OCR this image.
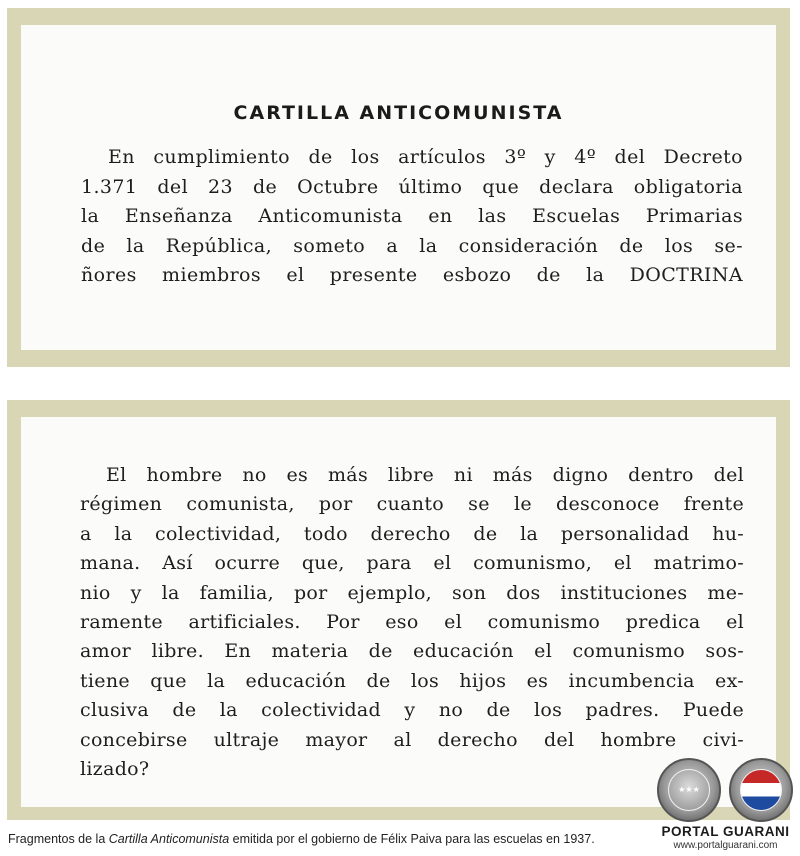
CARTILLA ANTICOMUNISTA
En cumplimiento de los artículos 3º y 4º del Decreto
1.371 del 23 de Octubre último que declara obligatoria
la Enseñanza Anticomunista en las Escuelas Primarias
de la República, someto a la consideración de los se-
ñores miembros el presente esbozo de la DOCTRINA
El hombre no es más libre ni más digno dentro del
régimen comunista, por cuanto se le desconoce frente
a la colectividad, todo derecho de la personalidad hu-
mana. Así ocurre que, para el comunismo, el matrimo-
nio y la familia, por ejemplo, son dos instituciones me-
ramente artificiales. Por eso el comunismo predica el
amor libre. En materia de educación el comunismo sos-
tiene que la educación de los hijos es incumbencia ex-
clusiva de la colectividad y no de los padres. Puede
concebirse ultraje mayor al derecho del hombre civi-
lizado?
Fragmentos de la Cartilla Anticomunista emitida por el gobierno de Félix Paiva para las escuelas en 1937.
★★★
PORTAL GUARANI
www.portalguarani.com
